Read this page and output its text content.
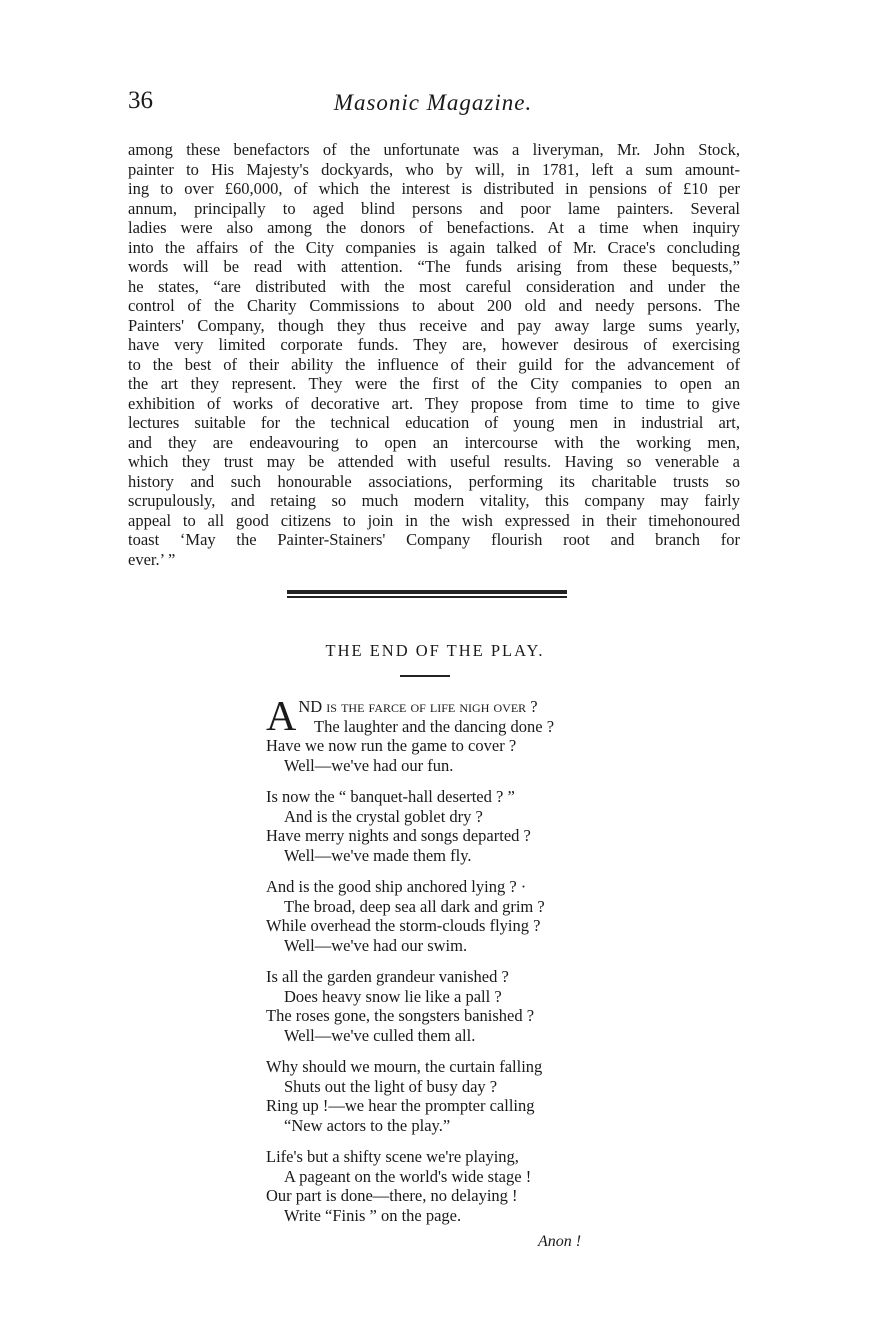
36	Masonic Magazine.
among these benefactors of the unfortunate was a liveryman, Mr. John Stock,
painter to His Majesty's dockyards, who by will, in 1781, left a sum amount-
ing to over £60,000, of which the interest is distributed in pensions of £10 per
annum, principally to aged blind persons and poor lame painters. Several
ladies were also among the donors of benefactions. At a time when inquiry
into the affairs of the City companies is again talked of Mr. Crace's concluding
words will be read with attention. “The funds arising from these bequests,”
he states, “are distributed with the most careful consideration and under the
control of the Charity Commissions to about 200 old and needy persons. The
Painters' Company, though they thus receive and pay away large sums yearly,
have very limited corporate funds. They are, however desirous of exercising
to the best of their ability the influence of their guild for the advancement of
the art they represent. They were the first of the City companies to open an
exhibition of works of decorative art. They propose from time to time to give
lectures suitable for the technical education of young men in industrial art,
and they are endeavouring to open an intercourse with the working men,
which they trust may be attended with useful results. Having so venerable a
history and such honourable associations, performing its charitable trusts so
scrupulously, and retaing so much modern vitality, this company may fairly
appeal to all good citizens to join in the wish expressed in their timehonoured
toast ‘May the Painter-Stainers' Company flourish root and branch for
ever.’ ”
THE END OF THE PLAY.
A ND is the farce of life nigh over ?
The laughter and the dancing done ?
Have we now run the game to cover ?
Well—we've had our fun.
Is now the “ banquet-hall deserted ? ”
And is the crystal goblet dry ?
Have merry nights and songs departed ?
Well—we've made them fly.
And is the good ship anchored lying ? ·
The broad, deep sea all dark and grim ?
While overhead the storm-clouds flying ?
Well—we've had our swim.
Is all the garden grandeur vanished ?
Does heavy snow lie like a pall ?
The roses gone, the songsters banished ?
Well—we've culled them all.
Why should we mourn, the curtain falling
Shuts out the light of busy day ?
Ring up !—we hear the prompter calling
“New actors to the play.”
Life's but a shifty scene we're playing,
A pageant on the world's wide stage !
Our part is done—there, no delaying !
Write “Finis ” on the page.
Anon !
